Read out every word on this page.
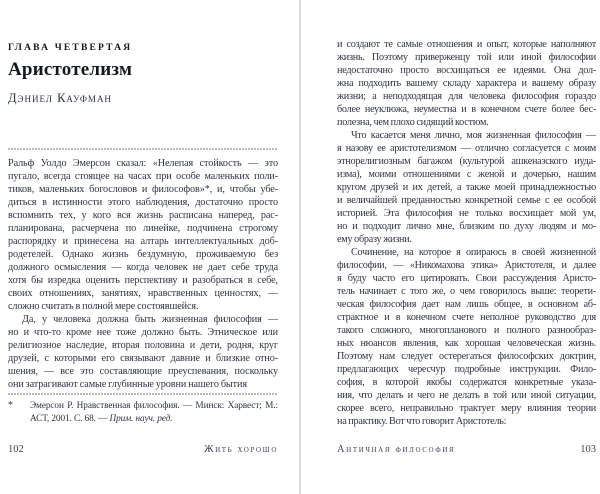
ГЛАВА ЧЕТВЕРТАЯ
Аристотелизм
Дэниел Кауфман
Ральф Уолдо Эмерсон сказал: «Нелепая стойкость — это
пугало, всегда стоящее на часах при особе маленьких поли-
тиков, маленьких богословов и философов»*, и, чтобы убе-
диться в истинности этого наблюдения, достаточно просто
вспомнить тех, у кого вся жизнь расписана наперед, рас-
планирована, расчерчена по линейке, подчинена строгому
распорядку и принесена на алтарь интеллектуальных доб-
родетелей. Однако жизнь бездумную, проживаемую без
должного осмысления — когда человек не дает себе труда
хотя бы изредка оценить перспективу и разобраться в себе,
своих отношениях, занятиях, нравственных ценностях, —
сложно считать в полной мере состоявшейся.
Да, у человека должна быть жизненная философия —
но и что-то кроме нее тоже должно быть. Этническое или
религиозное наследие, вторая половина и дети, родня, круг
друзей, с которыми его связывают давние и близкие отно-
шения, — все это составляющие преуспевания, поскольку
они затрагивают самые глубинные уровни нашего бытия
*	Эмерсон Р. Нравственная философия. — Минск: Харвест; М.: АСТ, 2001. С. 68. — Прим. науч. ред.
102	Жить хорошо
и создают те самые отношения и опыт, которые наполняют
жизнь. Поэтому приверженцу той или иной философии
недостаточно просто восхищаться ее идеями. Она дол-
жна подходить вашему складу характера и вашему образу
жизни; а неподходящая для человека философия гораздо
более неуклюжа, неуместна и в конечном счете более бес-
полезна, чем плохо сидящий костюм.
Что касается меня лично, моя жизненная философия —
я назову ее аристотелизмом — отлично согласуется с моим
этнорелигиозным багажом (культурой ашкеназского иуда-
изма), моими отношениями с женой и дочерью, нашим
кругом друзей и их детей, а также моей принадлежностью
и величайшей преданностью конкретной семье с ее особой
историей. Эта философия не только восхищает мой ум,
но и подходит лично мне, близким по духу людям и мо-
ему образу жизни.
Сочинение, на которое я опираюсь в своей жизненной
философии, — «Никомахова этика» Аристотеля, и далее
я буду часто его цитировать. Свои рассуждения Аристо-
тель начинает с того же, о чем говорилось выше: теорети-
ческая философия дает нам лишь общее, в основном аб-
страктное и в конечном счете неполное руководство для
такого сложного, многопланового и полного разнообраз-
ных нюансов явления, как хорошая человеческая жизнь.
Поэтому нам следует остерегаться философских доктрин,
предлагающих чересчур подробные инструкции. Фило-
софия, в которой якобы содержатся конкретные указа-
ния, что делать и чего не делать в той или иной ситуации,
скорее всего, неправильно трактует меру влияния теории
на практику. Вот что говорит Аристотель:
Античная философия	103
